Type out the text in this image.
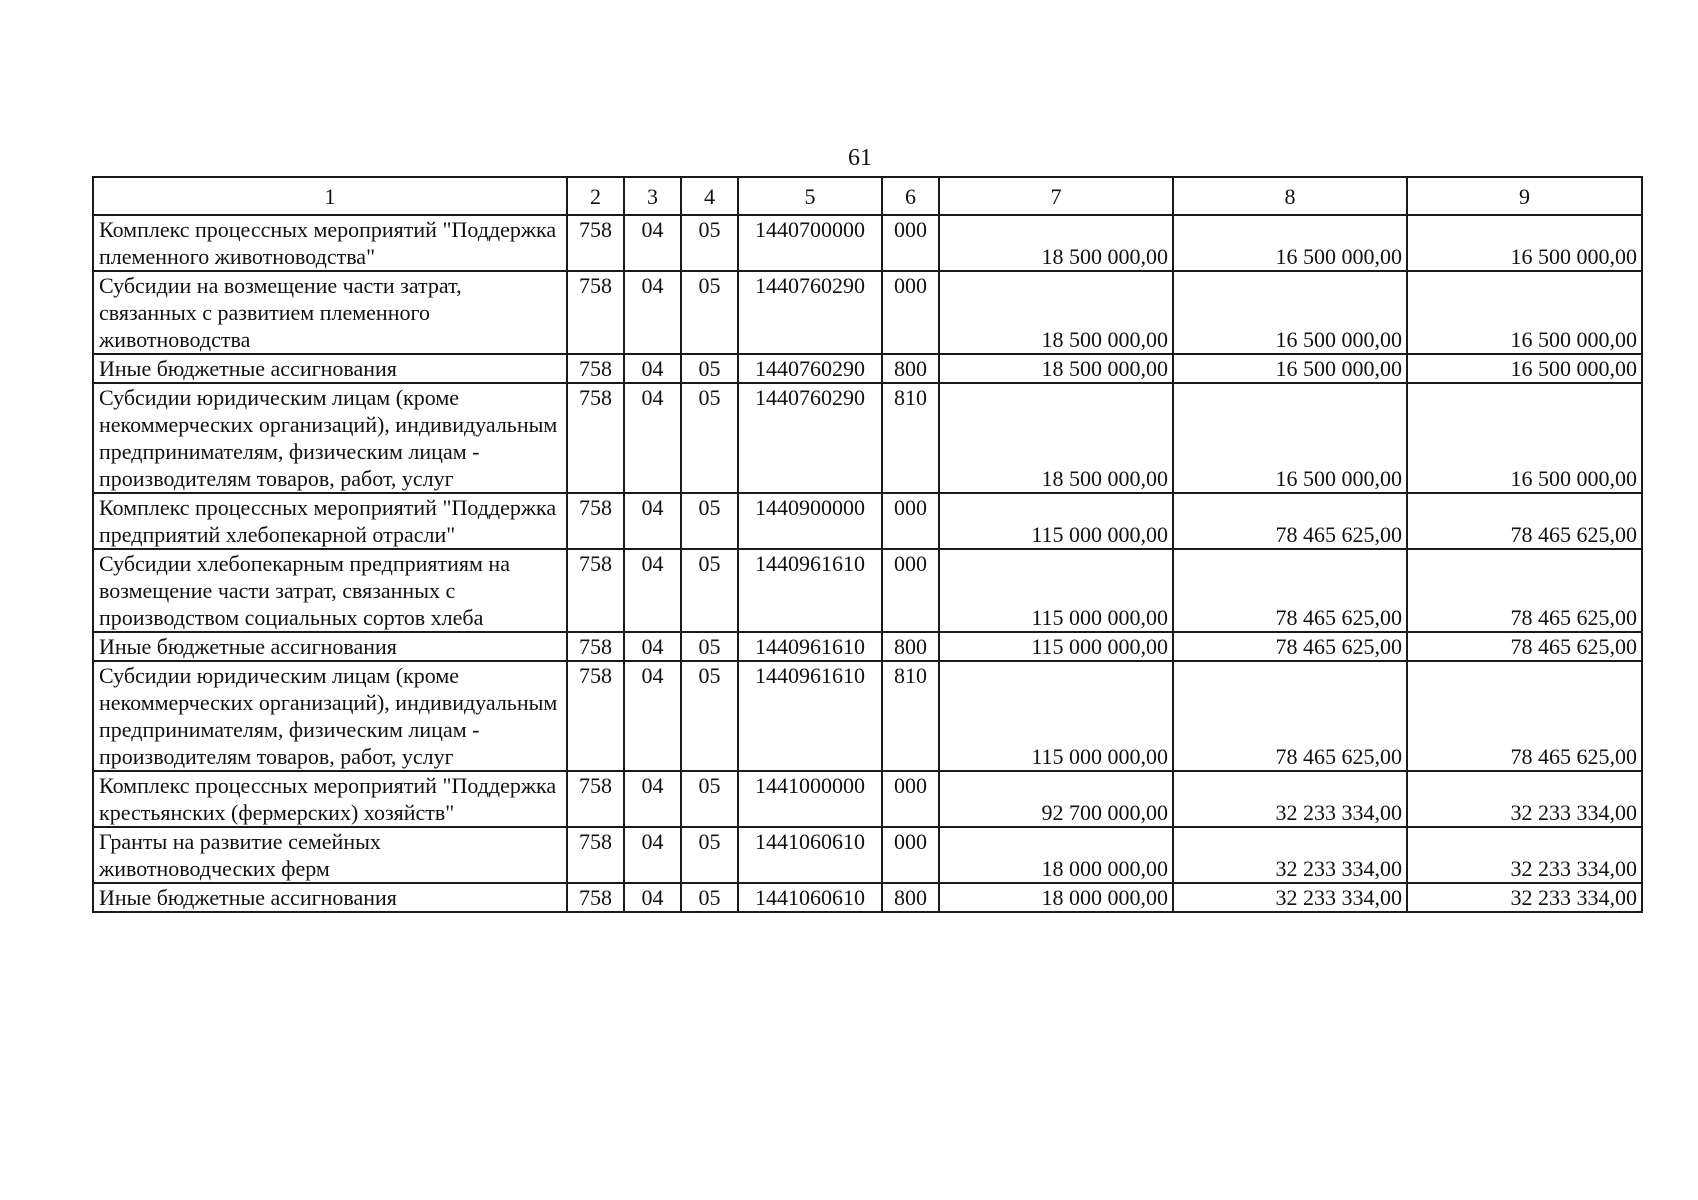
61
1	2	3	4	5	6	7	8	9
Комплекс процессных мероприятий "Поддержка племенного животноводства"	758	04	05	1440700000	000	18 500 000,00	16 500 000,00	16 500 000,00
Субсидии на возмещение части затрат, связанных с развитием племенного животноводства	758	04	05	1440760290	000	18 500 000,00	16 500 000,00	16 500 000,00
Иные бюджетные ассигнования	758	04	05	1440760290	800	18 500 000,00	16 500 000,00	16 500 000,00
Субсидии юридическим лицам (кроме некоммерческих организаций), индивидуальным предпринимателям, физическим лицам - производителям товаров, работ, услуг	758	04	05	1440760290	810	18 500 000,00	16 500 000,00	16 500 000,00
Комплекс процессных мероприятий "Поддержка предприятий хлебопекарной отрасли"	758	04	05	1440900000	000	115 000 000,00	78 465 625,00	78 465 625,00
Субсидии хлебопекарным предприятиям на возмещение части затрат, связанных с производством социальных сортов хлеба	758	04	05	1440961610	000	115 000 000,00	78 465 625,00	78 465 625,00
Иные бюджетные ассигнования	758	04	05	1440961610	800	115 000 000,00	78 465 625,00	78 465 625,00
Субсидии юридическим лицам (кроме некоммерческих организаций), индивидуальным предпринимателям, физическим лицам - производителям товаров, работ, услуг	758	04	05	1440961610	810	115 000 000,00	78 465 625,00	78 465 625,00
Комплекс процессных мероприятий "Поддержка крестьянских (фермерских) хозяйств"	758	04	05	1441000000	000	92 700 000,00	32 233 334,00	32 233 334,00
Гранты на развитие семейных животноводческих ферм	758	04	05	1441060610	000	18 000 000,00	32 233 334,00	32 233 334,00
Иные бюджетные ассигнования	758	04	05	1441060610	800	18 000 000,00	32 233 334,00	32 233 334,00
